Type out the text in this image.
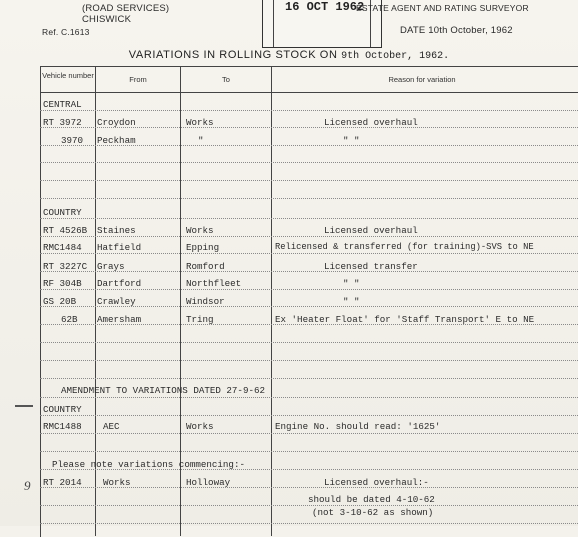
(ROAD SERVICES)
CHISWICK
Ref. C.1613
16 OCT 1962
ESTATE AGENT AND RATING SURVEYOR
DATE 10th October, 1962
VARIATIONS IN ROLLING STOCK ON 9th October, 1962.
Vehicle number	From	To	Reason for variation
CENTRAL
RT 3972 Croydon	Works	Licensed overhaul
3970 Peckham	"	" "
COUNTRY
RT 4526B Staines	Works	Licensed overhaul
RMC1484 Hatfield	Epping	Relicensed & transferred (for training)-SVS to NE
RT 3227C Grays	Romford	Licensed transfer
RF 304B Dartford	Northfleet	" "
GS 20B Crawley	Windsor	" "
62B Amersham	Tring	Ex 'Heater Float' for 'Staff Transport' E to NE
AMENDMENT TO VARIATIONS DATED 27-9-62
COUNTRY
RMC1488 AEC	Works	Engine No. should read: '1625'
Please note variations commencing:-
RT 2014 Works	Holloway	Licensed overhaul:-
should be dated 4-10-62
(not 3-10-62 as shown)
9
